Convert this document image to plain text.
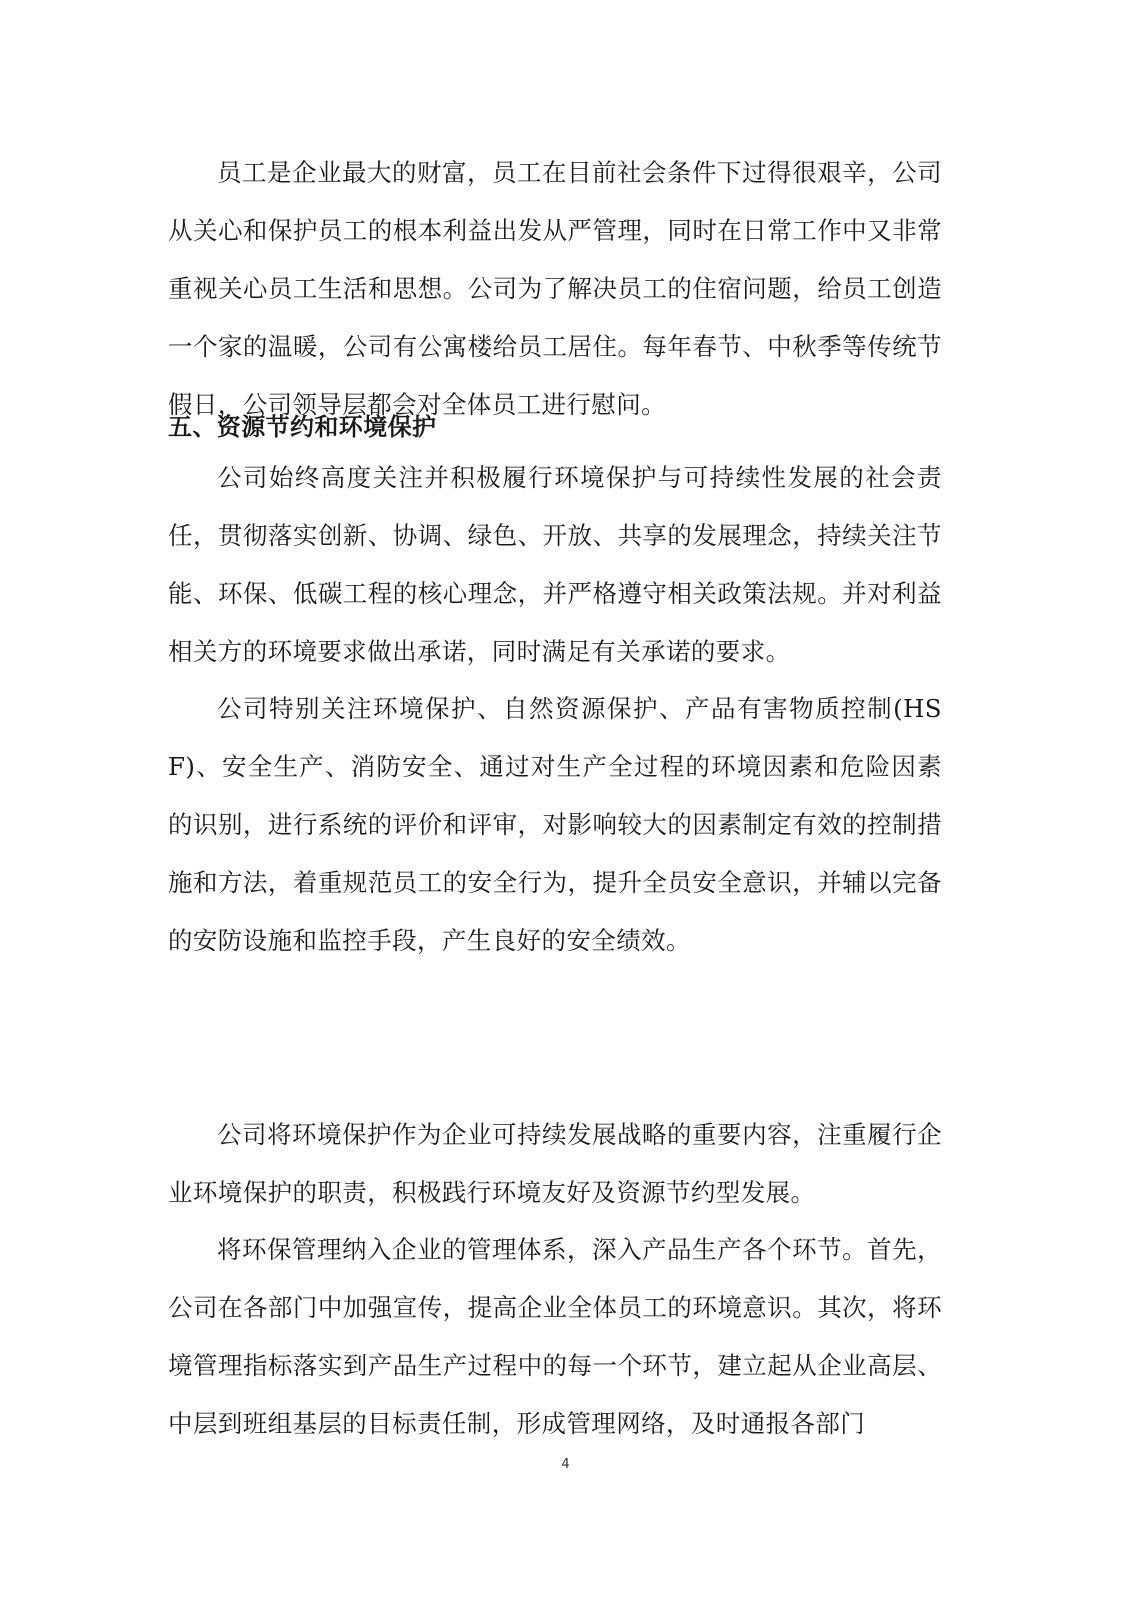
员工是企业最大的财富，员工在目前社会条件下过得很艰辛，公司从关心和保护员工的根本利益出发从严管理，同时在日常工作中又非常重视关心员工生活和思想。公司为了解决员工的住宿问题，给员工创造一个家的温暖，公司有公寓楼给员工居住。每年春节、中秋季等传统节假日，公司领导层都会对全体员工进行慰问。

五、资源节约和环境保护

公司始终高度关注并积极履行环境保护与可持续性发展的社会责任，贯彻落实创新、协调、绿色、开放、共享的发展理念，持续关注节能、环保、低碳工程的核心理念，并严格遵守相关政策法规。并对利益相关方的环境要求做出承诺，同时满足有关承诺的要求。

公司特别关注环境保护、自然资源保护、产品有害物质控制(HSF)、安全生产、消防安全、通过对生产全过程的环境因素和危险因素的识别，进行系统的评价和评审，对影响较大的因素制定有效的控制措施和方法，着重规范员工的安全行为，提升全员安全意识，并辅以完备的安防设施和监控手段，产生良好的安全绩效。

公司将环境保护作为企业可持续发展战略的重要内容，注重履行企业环境保护的职责，积极践行环境友好及资源节约型发展。

将环保管理纳入企业的管理体系，深入产品生产各个环节。首先，公司在各部门中加强宣传，提高企业全体员工的环境意识。其次，将环境管理指标落实到产品生产过程中的每一个环节，建立起从企业高层、中层到班组基层的目标责任制，形成管理网络，及时通报各部门

4
